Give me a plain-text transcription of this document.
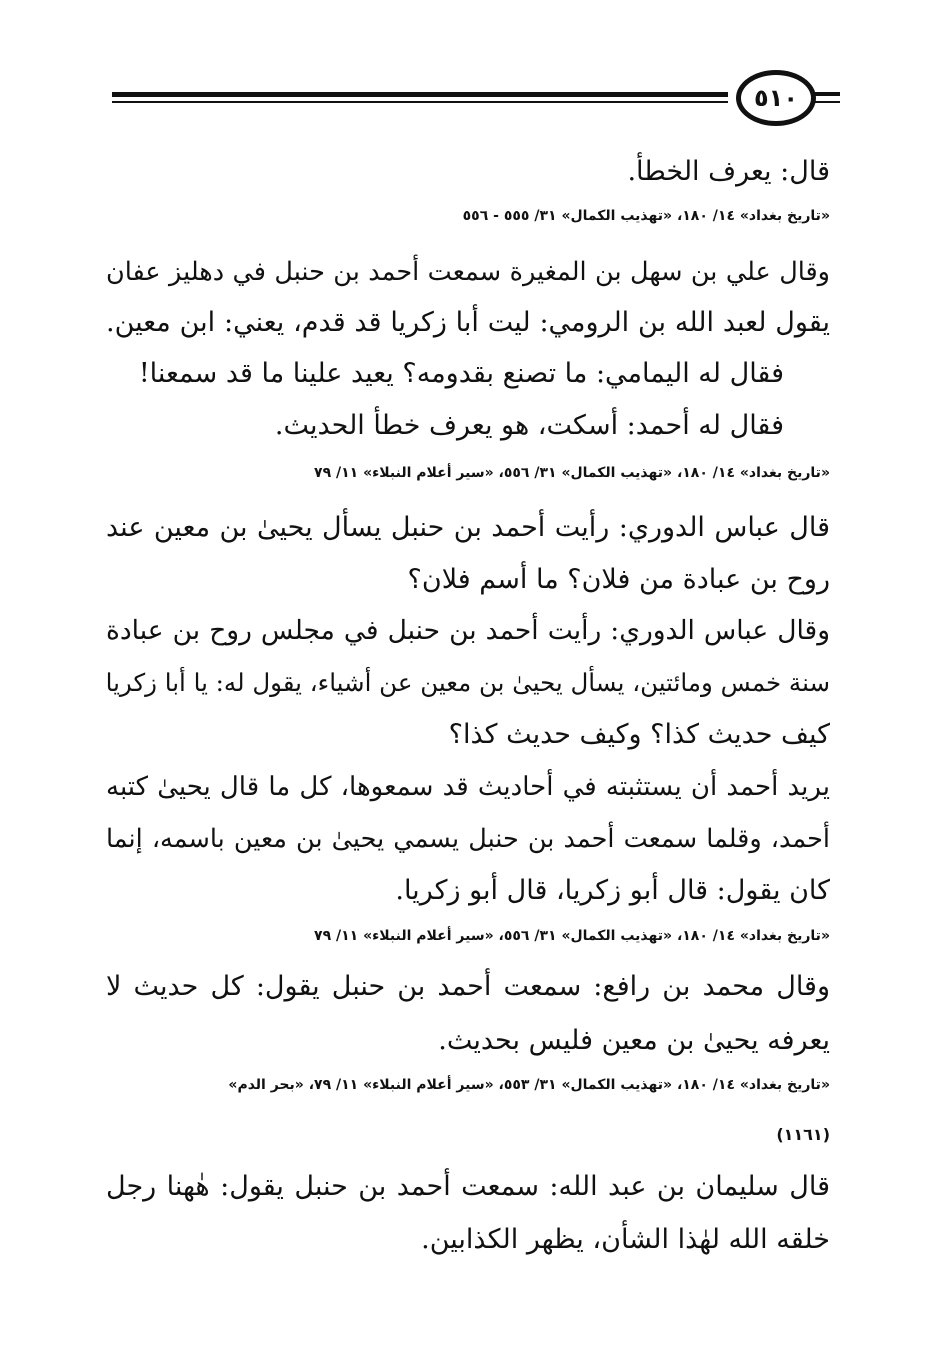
٥١٠
قال: يعرف الخطأ.
«تاريخ بغداد» ١٤/ ١٨٠، «تهذيب الكمال» ٣١/ ٥٥٥ - ٥٥٦
وقال علي بن سهل بن المغيرة سمعت أحمد بن حنبل في دهليز عفان
يقول لعبد الله بن الرومي: ليت أبا زكريا قد قدم، يعني: ابن معين.
فقال له اليمامي: ما تصنع بقدومه؟ يعيد علينا ما قد سمعنا!
فقال له أحمد: أسكت، هو يعرف خطأ الحديث.
«تاريخ بغداد» ١٤/ ١٨٠، «تهذيب الكمال» ٣١/ ٥٥٦، «سير أعلام النبلاء» ١١/ ٧٩
قال عباس الدوري: رأيت أحمد بن حنبل يسأل يحيىٰ بن معين عند
روح بن عبادة من فلان؟ ما أسم فلان؟
وقال عباس الدوري: رأيت أحمد بن حنبل في مجلس روح بن عبادة
سنة خمس ومائتين، يسأل يحيىٰ بن معين عن أشياء، يقول له: يا أبا زكريا
كيف حديث كذا؟ وكيف حديث كذا؟
يريد أحمد أن يستثبته في أحاديث قد سمعوها، كل ما قال يحيىٰ كتبه
أحمد، وقلما سمعت أحمد بن حنبل يسمي يحيىٰ بن معين باسمه، إنما
كان يقول: قال أبو زكريا، قال أبو زكريا.
«تاريخ بغداد» ١٤/ ١٨٠، «تهذيب الكمال» ٣١/ ٥٥٦، «سير أعلام النبلاء» ١١/ ٧٩
وقال محمد بن رافع: سمعت أحمد بن حنبل يقول: كل حديث لا
يعرفه يحيىٰ بن معين فليس بحديث.
«تاريخ بغداد» ١٤/ ١٨٠، «تهذيب الكمال» ٣١/ ٥٥٣، «سير أعلام النبلاء» ١١/ ٧٩، «بحر الدم»
(١١٦١)
قال سليمان بن عبد الله: سمعت أحمد بن حنبل يقول: هٰهنا رجل
خلقه الله لهٰذا الشأن، يظهر الكذابين.
